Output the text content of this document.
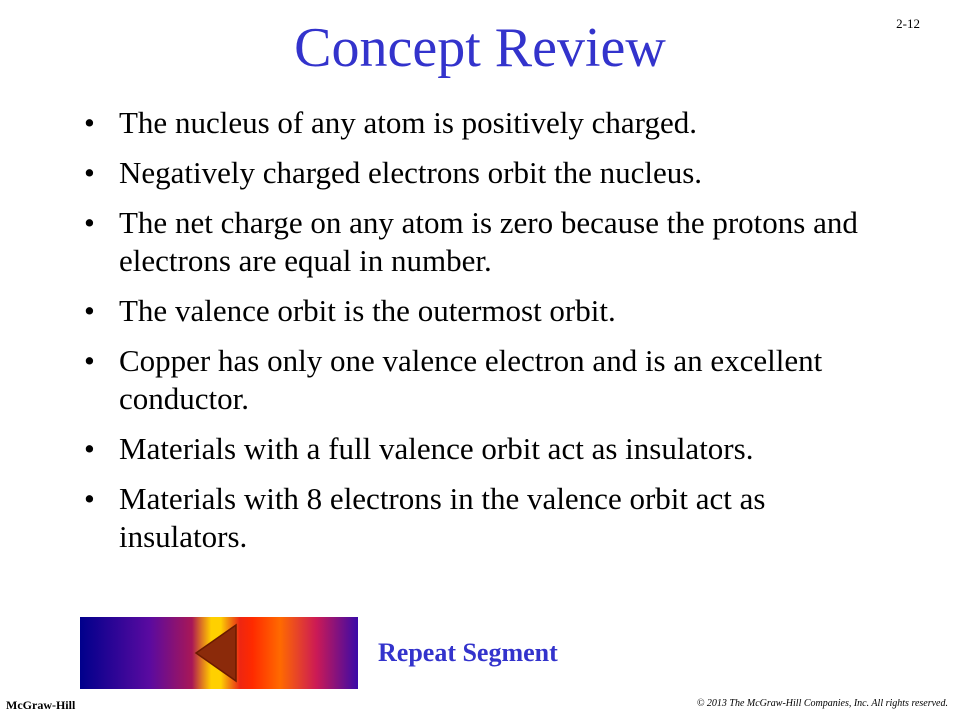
2-12
Concept Review
• The nucleus of any atom is positively charged.
• Negatively charged electrons orbit the nucleus.
• The net charge on any atom is zero because the protons and electrons are equal in number.
• The valence orbit is the outermost orbit.
• Copper has only one valence electron and is an excellent conductor.
• Materials with a full valence orbit act as insulators.
• Materials with 8 electrons in the valence orbit act as insulators.
Repeat Segment
McGraw-Hill	© 2013 The McGraw-Hill Companies, Inc. All rights reserved.
